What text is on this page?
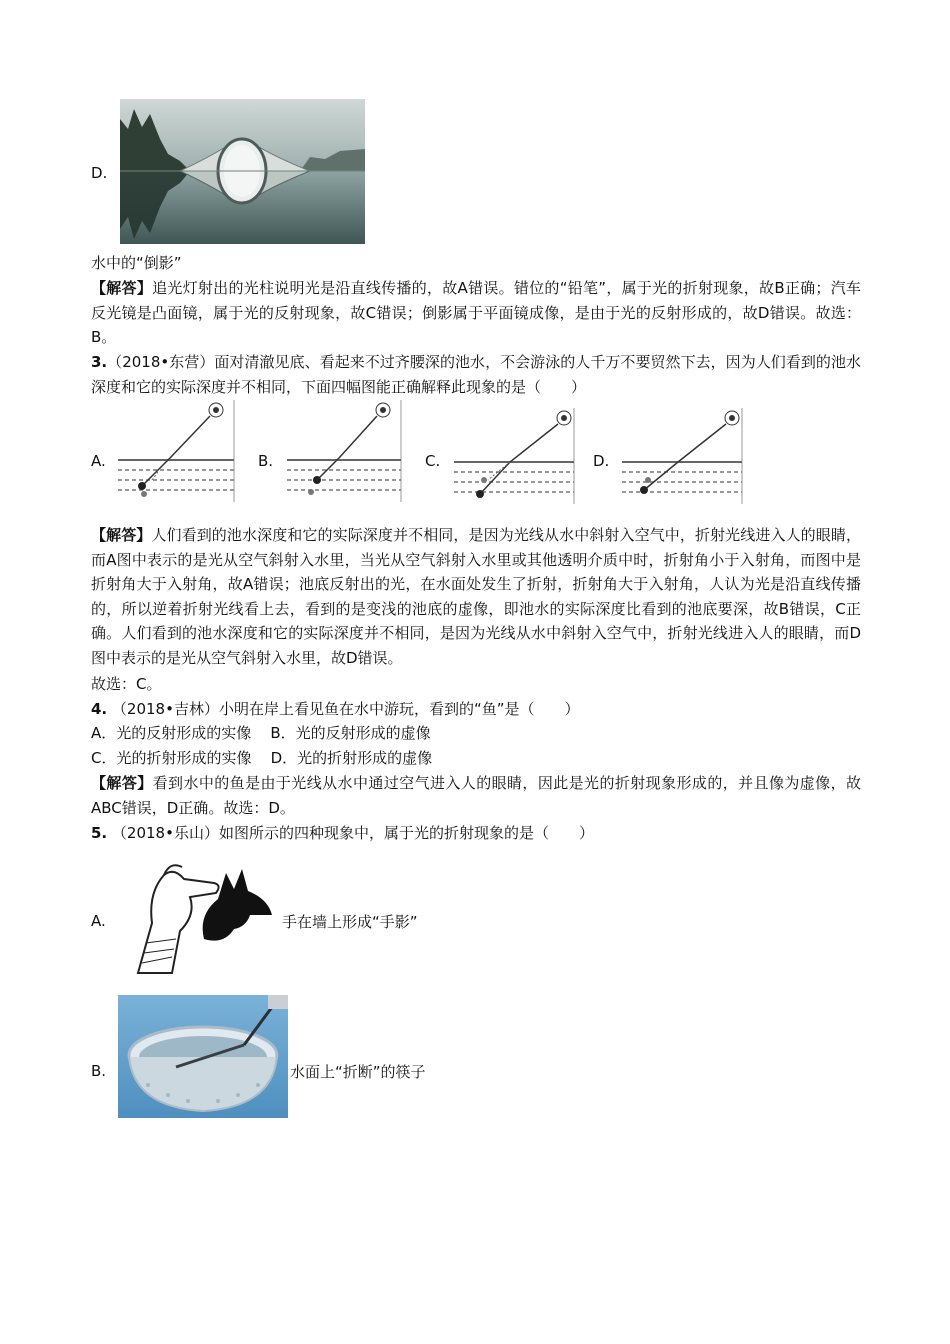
D.
水中的“倒影”
【解答】追光灯射出的光柱说明光是沿直线传播的，故A错误。错位的“铅笔”，属于光的折射现象，故B正确；汽车反光镜是凸面镜，属于光的反射现象，故C错误；倒影属于平面镜成像，是由于光的反射形成的，故D错误。故选：B。
3.（2018•东营）面对清澈见底、看起来不过齐腰深的池水，不会游泳的人千万不要贸然下去，因为人们看到的池水深度和它的实际深度并不相同，下面四幅图能正确解释此现象的是（　　）
A.	B.	C.	D.
【解答】人们看到的池水深度和它的实际深度并不相同，是因为光线从水中斜射入空气中，折射光线进入人的眼睛，而A图中表示的是光从空气斜射入水里，当光从空气斜射入水里或其他透明介质中时，折射角小于入射角，而图中是折射角大于入射角，故A错误；池底反射出的光，在水面处发生了折射，折射角大于入射角，人认为光是沿直线传播的，所以逆着折射光线看上去，看到的是变浅的池底的虚像，即池水的实际深度比看到的池底要深，故B错误，C正确。人们看到的池水深度和它的实际深度并不相同，是因为光线从水中斜射入空气中，折射光线进入人的眼睛，而D图中表示的是光从空气斜射入水里，故D错误。
故选：C。
4. （2018•吉林）小明在岸上看见鱼在水中游玩，看到的“鱼”是（　　）
A．光的反射形成的实像 B．光的反射形成的虚像
C．光的折射形成的实像 D．光的折射形成的虚像
【解答】看到水中的鱼是由于光线从水中通过空气进入人的眼睛，因此是光的折射现象形成的，并且像为虚像，故ABC错误，D正确。故选：D。
5. （2018•乐山）如图所示的四种现象中，属于光的折射现象的是（　　）
A.	手在墙上形成“手影”
B.	水面上“折断”的筷子
